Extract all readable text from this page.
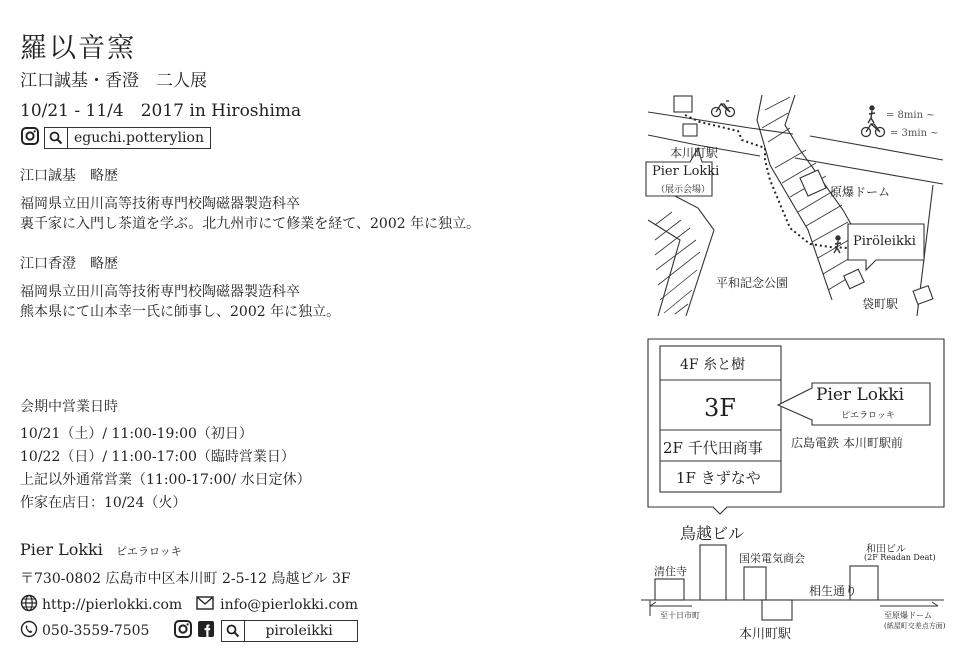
羅以音窯
江口誠基・香澄　二人展
10/21 - 11/4　2017 in Hiroshima
eguchi.potterylion
江口誠基　略歴
福岡県立田川高等技術専門校陶磁器製造科卒
裏千家に入門し茶道を学ぶ。北九州市にて修業を経て、2002 年に独立。
江口香澄　略歴
福岡県立田川高等技術専門校陶磁器製造科卒
熊本県にて山本幸一氏に師事し、2002 年に独立。
会期中営業日時
10/21（土）/ 11:00-19:00（初日）
10/22（日）/ 11:00-17:00（臨時営業日）
上記以外通常営業（11:00-17:00/ 水日定休）
作家在店日：10/24（火）
Pier Lokki ピエラロッキ
〒730-0802 広島市中区本川町 2-5-12 鳥越ビル 3F
http://pierlokki.com	info@pierlokki.com
050-3559-7505	piroleikki
= 8min ~
= 3min ~
本川町駅
Pier Lokki
（展示会場）	原爆ドーム
Piröleikki
平和記念公園
袋町駅
4F 糸と樹
3F
2F 千代田商事
1F きずなや
Pier Lokki
ピエラロッキ
広島電鉄 本川町駅前
鳥越ビル
清住寺
国栄電気商会
和田ビル
(2F Readan Deat)
相生通り
至十日市町	至原爆ドーム
(紙屋町交差点方面)
本川町駅
